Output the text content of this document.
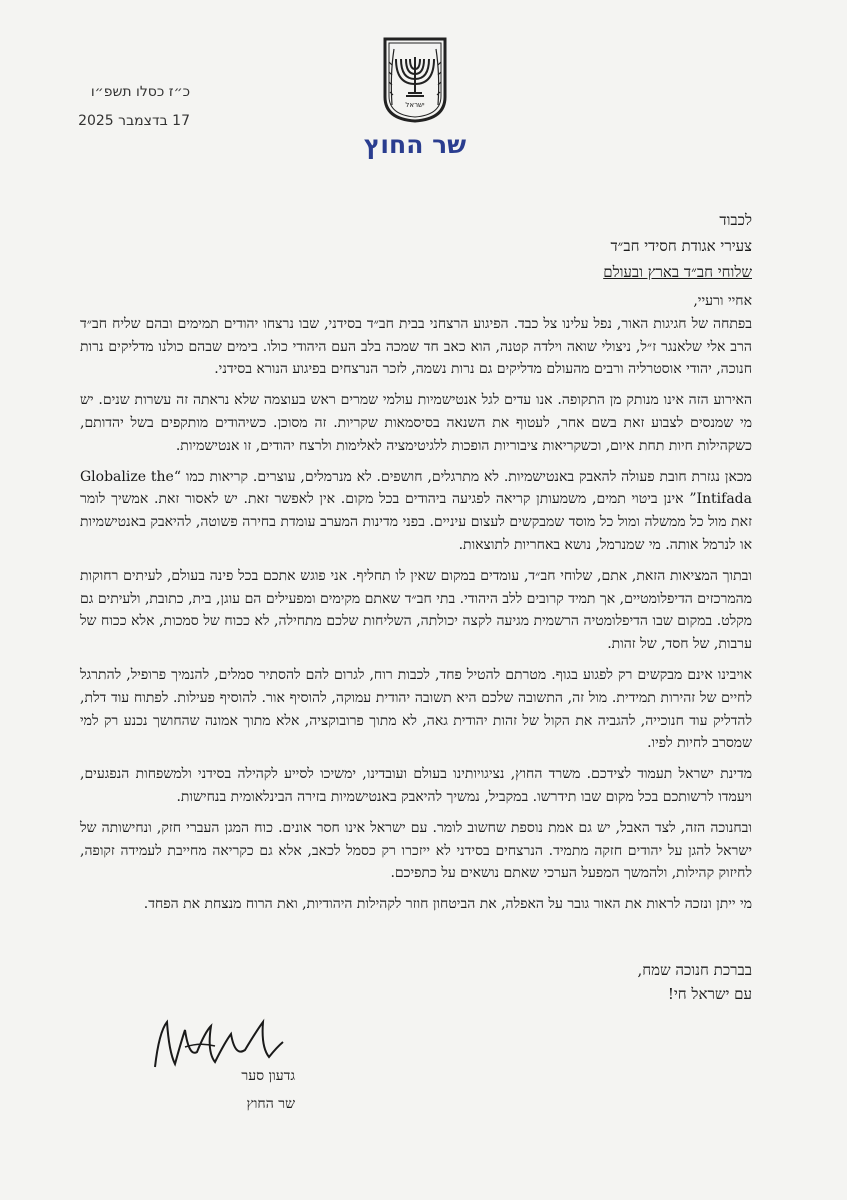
ישראל
שר החוץ
כ״ז כסלו תשפ״ו
17 בדצמבר 2025
לכבוד
צעירי אגודת חסידי חב״ד
שלוחי חב״ד בארץ ובעולם

אחיי ורעיי,

בפתחה של חגיגות האור, נפל עלינו צל כבד. הפיגוע הרצחני בבית חב״ד בסידני, שבו נרצחו יהודים תמימים ובהם שליח חב״ד הרב אלי שלאנגר ז״ל, ניצולי שואה וילדה קטנה, הוא כאב חד שמכה בלב העם היהודי כולו. בימים שבהם כולנו מדליקים נרות חנוכה, יהודי אוסטרליה ורבים מהעולם מדליקים גם נרות נשמה, לזכר הנרצחים בפיגוע הנורא בסידני.

האירוע הזה אינו מנותק מן התקופה. אנו עדים לגל אנטישמיות עולמי שמרים ראש בעוצמה שלא נראתה זה עשרות שנים. יש מי שמנסים לצבוע זאת בשם אחר, לעטוף את השנאה בסיסמאות שקריות. זה מסוכן. כשיהודים מותקפים בשל יהדותם, כשקהילות חיות תחת איום, וכשקריאות ציבוריות הופכות ללגיטימציה לאלימות ולרצח יהודים, זו אנטישמיות.

מכאן נגזרת חובת פעולה להאבק באנטישמיות. לא מתרגלים, חושפים. לא מנרמלים, עוצרים. קריאות כמו “Globalize the Intifada” אינן ביטוי תמים, משמעותן קריאה לפגיעה ביהודים בכל מקום. אין לאפשר זאת. יש לאסור זאת. אמשיך לומר זאת מול כל ממשלה ומול כל מוסד שמבקשים לעצום עיניים. בפני מדינות המערב עומדת בחירה פשוטה, להיאבק באנטישמיות או לנרמל אותה. מי שמנרמל, נושא באחריות לתוצאות.

ובתוך המציאות הזאת, אתם, שלוחי חב״ד, עומדים במקום שאין לו תחליף. אני פוגש אתכם בכל פינה בעולם, לעיתים רחוקות מהמרכזים הדיפלומטיים, אך תמיד קרובים ללב היהודי. בתי חב״ד שאתם מקימים ומפעילים הם עוגן, בית, כתובת, ולעיתים גם מקלט. במקום שבו הדיפלומטיה הרשמית מגיעה לקצה יכולתה, השליחות שלכם מתחילה, לא ככוח של סמכות, אלא ככוח של ערבות, של חסד, של זהות.

אויבינו אינם מבקשים רק לפגוע בגוף. מטרתם להטיל פחד, לכבות רוח, לגרום להם להסתיר סמלים, להנמיך פרופיל, להתרגל לחיים של זהירות תמידית. מול זה, התשובה שלכם היא תשובה יהודית עמוקה, להוסיף אור. להוסיף פעילות. לפתוח עוד דלת, להדליק עוד חנוכייה, להגביה את הקול של זהות יהודית גאה, לא מתוך פרובוקציה, אלא מתוך אמונה שהחושך נכנע רק למי שמסרב לחיות לפיו.

מדינת ישראל תעמוד לצידכם. משרד החוץ, נציגויותינו בעולם ועובדינו, ימשיכו לסייע לקהילה בסידני ולמשפחות הנפגעים, ויעמדו לרשותכם בכל מקום שבו תידרשו. במקביל, נמשיך להיאבק באנטישמיות בזירה הבינלאומית בנחישות.

ובחנוכה הזה, לצד האבל, יש גם אמת נוספת שחשוב לומר. עם ישראל אינו חסר אונים. כוח המגן העברי חזק, ונחישותה של ישראל להגן על יהודים חזקה מתמיד. הנרצחים בסידני לא ייזכרו רק כסמל לכאב, אלא גם כקריאה מחייבת לעמידה זקופה, לחיזוק קהילות, ולהמשך המפעל הערכי שאתם נושאים על כתפיכם.

מי ייתן ונזכה לראות את האור גובר על האפלה, את הביטחון חוזר לקהילות היהודיות, ואת הרוח מנצחת את הפחד.

בברכת חנוכה שמח,
עם ישראל חי!
גדעון סער
שר החוץ
